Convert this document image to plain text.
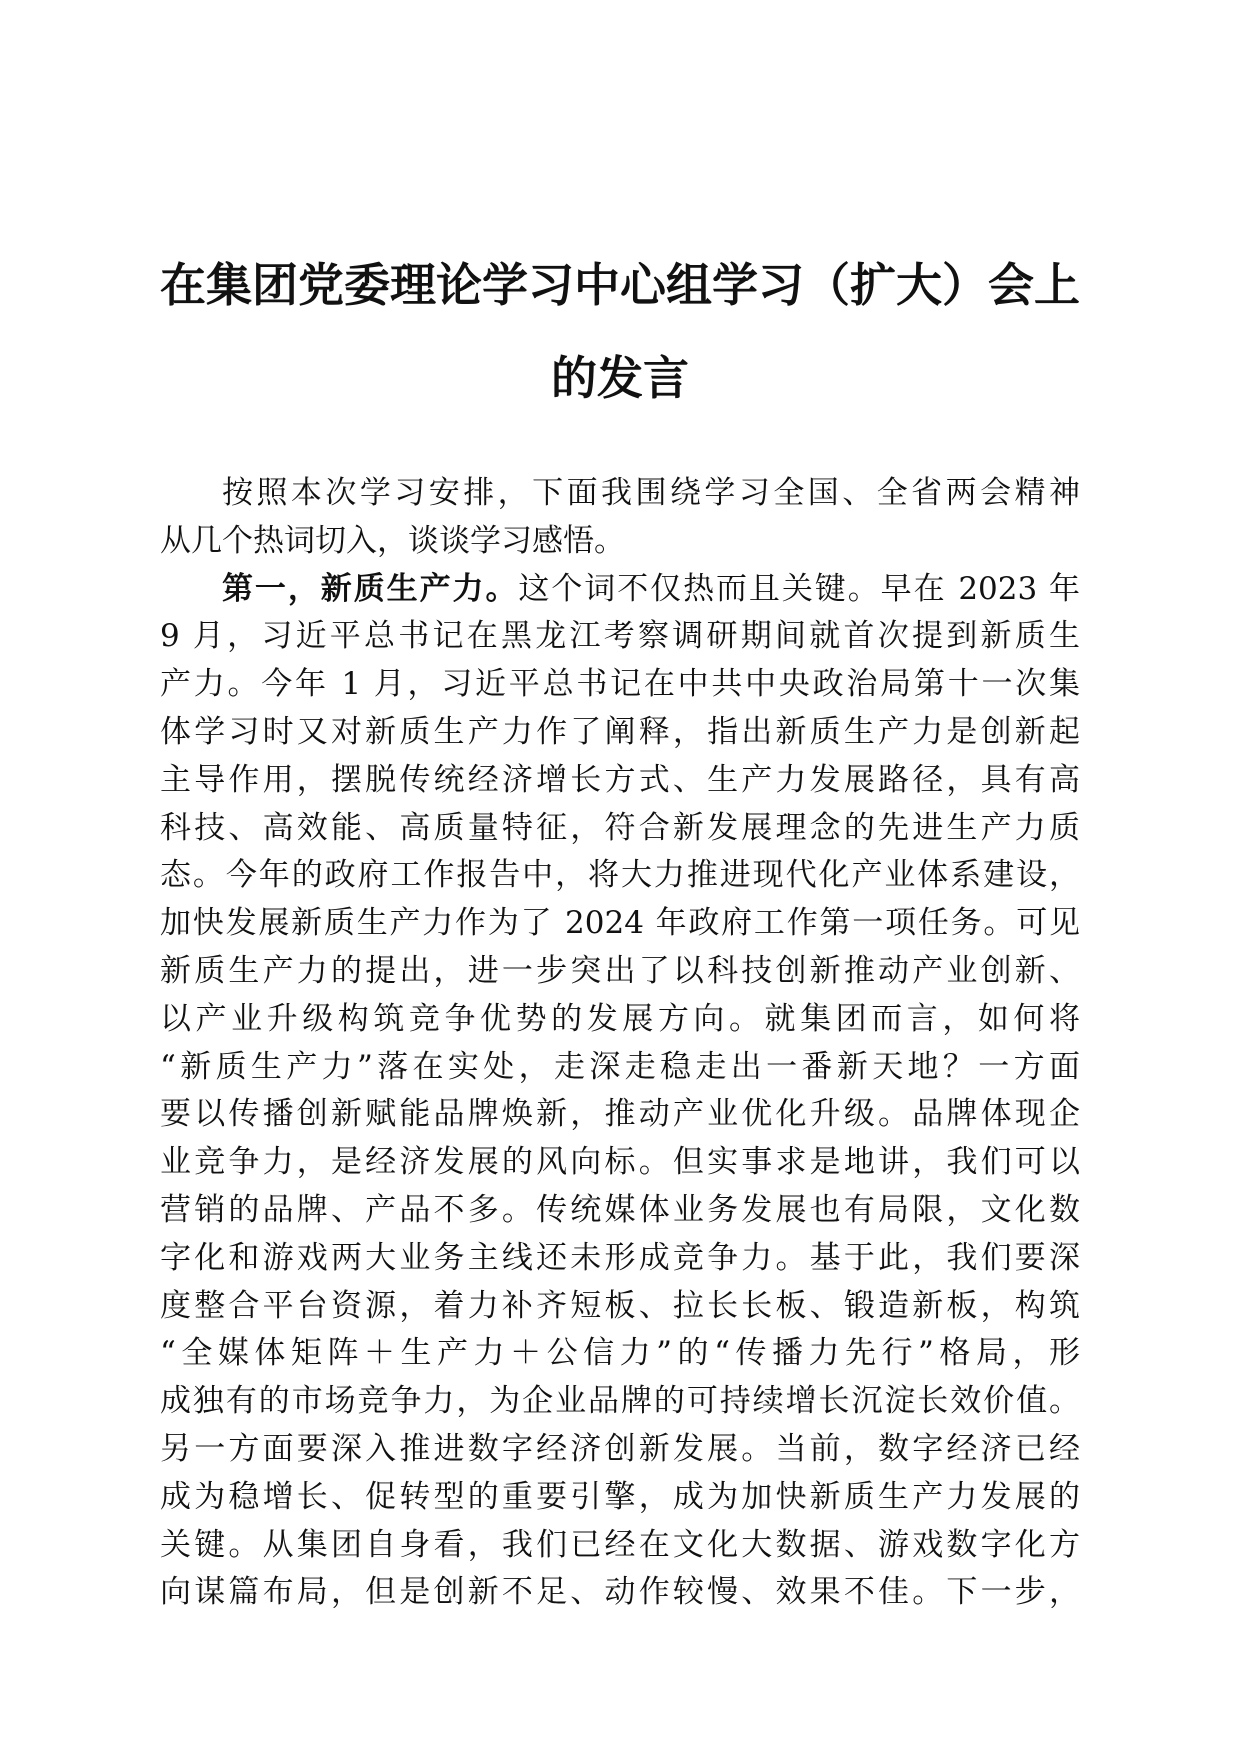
在集团党委理论学习中心组学习（扩大）会上
的发言
按照本次学习安排，下面我围绕学习全国、全省两会精神
从几个热词切入，谈谈学习感悟。
第一，新质生产力。这个词不仅热而且关键。早在 2023 年
9 月，习近平总书记在黑龙江考察调研期间就首次提到新质生
产力。今年 1 月，习近平总书记在中共中央政治局第十一次集
体学习时又对新质生产力作了阐释，指出新质生产力是创新起
主导作用，摆脱传统经济增长方式、生产力发展路径，具有高
科技、高效能、高质量特征，符合新发展理念的先进生产力质
态。今年的政府工作报告中，将大力推进现代化产业体系建设，
加快发展新质生产力作为了 2024 年政府工作第一项任务。可见
新质生产力的提出，进一步突出了以科技创新推动产业创新、
以产业升级构筑竞争优势的发展方向。就集团而言，如何将
“新质生产力”落在实处，走深走稳走出一番新天地？一方面
要以传播创新赋能品牌焕新，推动产业优化升级。品牌体现企
业竞争力，是经济发展的风向标。但实事求是地讲，我们可以
营销的品牌、产品不多。传统媒体业务发展也有局限，文化数
字化和游戏两大业务主线还未形成竞争力。基于此，我们要深
度整合平台资源，着力补齐短板、拉长长板、锻造新板，构筑
“全媒体矩阵＋生产力＋公信力”的“传播力先行”格局，形
成独有的市场竞争力，为企业品牌的可持续增长沉淀长效价值。
另一方面要深入推进数字经济创新发展。当前，数字经济已经
成为稳增长、促转型的重要引擎，成为加快新质生产力发展的
关键。从集团自身看，我们已经在文化大数据、游戏数字化方
向谋篇布局，但是创新不足、动作较慢、效果不佳。下一步，
